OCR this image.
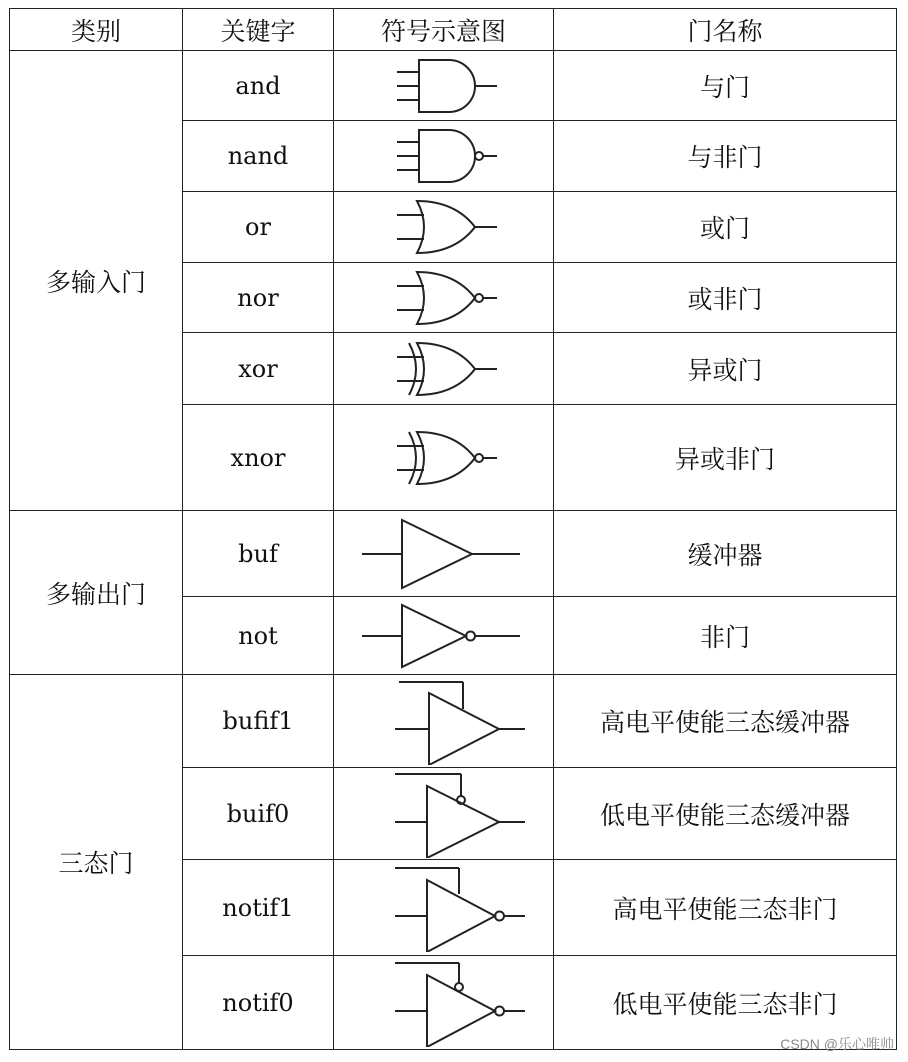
类别	关键字	符号示意图	门名称
多输入门	and		与门
	nand		与非门
	or		或门
	nor		或非门
	xor		异或门
	xnor		异或非门
多输出门	buf		缓冲器
	not		非门
三态门	bufif1		高电平使能三态缓冲器
	buif0		低电平使能三态缓冲器
	notif1		高电平使能三态非门
	notif0		低电平使能三态非门
CSDN @乐心唯帅
